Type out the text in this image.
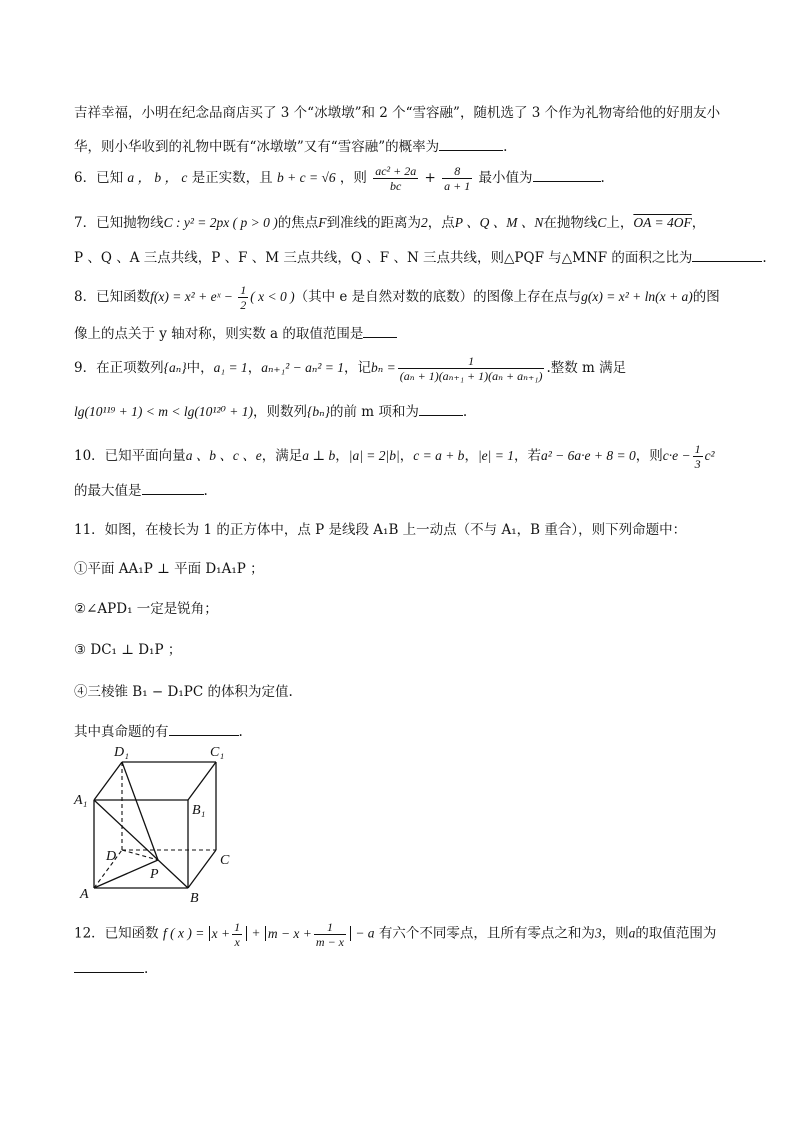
吉祥幸福，小明在纪念品商店买了 3 个“冰墩墩”和 2 个“雪容融”，随机选了 3 个作为礼物寄给他的好朋友小
华，则小华收到的礼物中既有“冰墩墩”又有“雪容融”的概率为	.
6．已知 a ， b ， c 是正实数，且 b + c = √6 ，则 $\frac{\text{ac² + 2a}}{bc} + \frac{8}{a + 1}$ 最小值为	.
7．已知抛物线C : y² = 2px ( p > 0 )的焦点F到准线的距离为2，点P 、Q 、M 、N在抛物线C上，OA = 4OF，
P 、Q 、A 三点共线，P 、F 、M 三点共线，Q 、F 、N 三点共线，则△PQF 与△MNF 的面积之比为	.
8．已知函数f(x) = x² + eˣ − $\frac{1}{2}$ ( x < 0 )（其中 e 是自然对数的底数）的图像上存在点与g(x) = x² + ln(x + a)的图
像上的点关于 y 轴对称，则实数 a 的取值范围是
9．在正项数列{aₙ}中，a₁ = 1，aₙ₊₁² − aₙ² = 1，记$b_n = \frac{1}{\text{(aₙ + 1)(aₙ₊₁ + 1)(aₙ + aₙ₊₁)}}$ .整数 m 满足
lg(10¹¹⁹ + 1) < m < lg(10¹²⁰ + 1)，则数列{bₙ}的前 m 项和为	.
10．已知平面向量a 、b 、c 、e，满足a ⊥ b，|a| = 2|b|，c = a + b，|e| = 1，若a² − 6a·e + 8 = 0，则$c\cdot e - \frac{1}{3} c^2$
的最大值是	.
11．如图，在棱长为 1 的正方体中，点 P 是线段 A₁B 上一动点（不与 A₁，B 重合），则下列命题中：
①平面 AA₁P ⊥ 平面 D₁A₁P ；
②∠APD₁ 一定是锐角；
③ DC₁ ⊥ D₁P ；
④三棱锥 B₁ − D₁PC 的体积为定值.
其中真命题的有	.
D₁	C₁
A₁
B₁
D	C
P
A	B
12．已知函数 f ( x ) = $x + \frac{1}{x} + m - x + \frac{1}{m - x} - a$ 有六个不同零点，且所有零点之和为3，则a的取值范围为
.
